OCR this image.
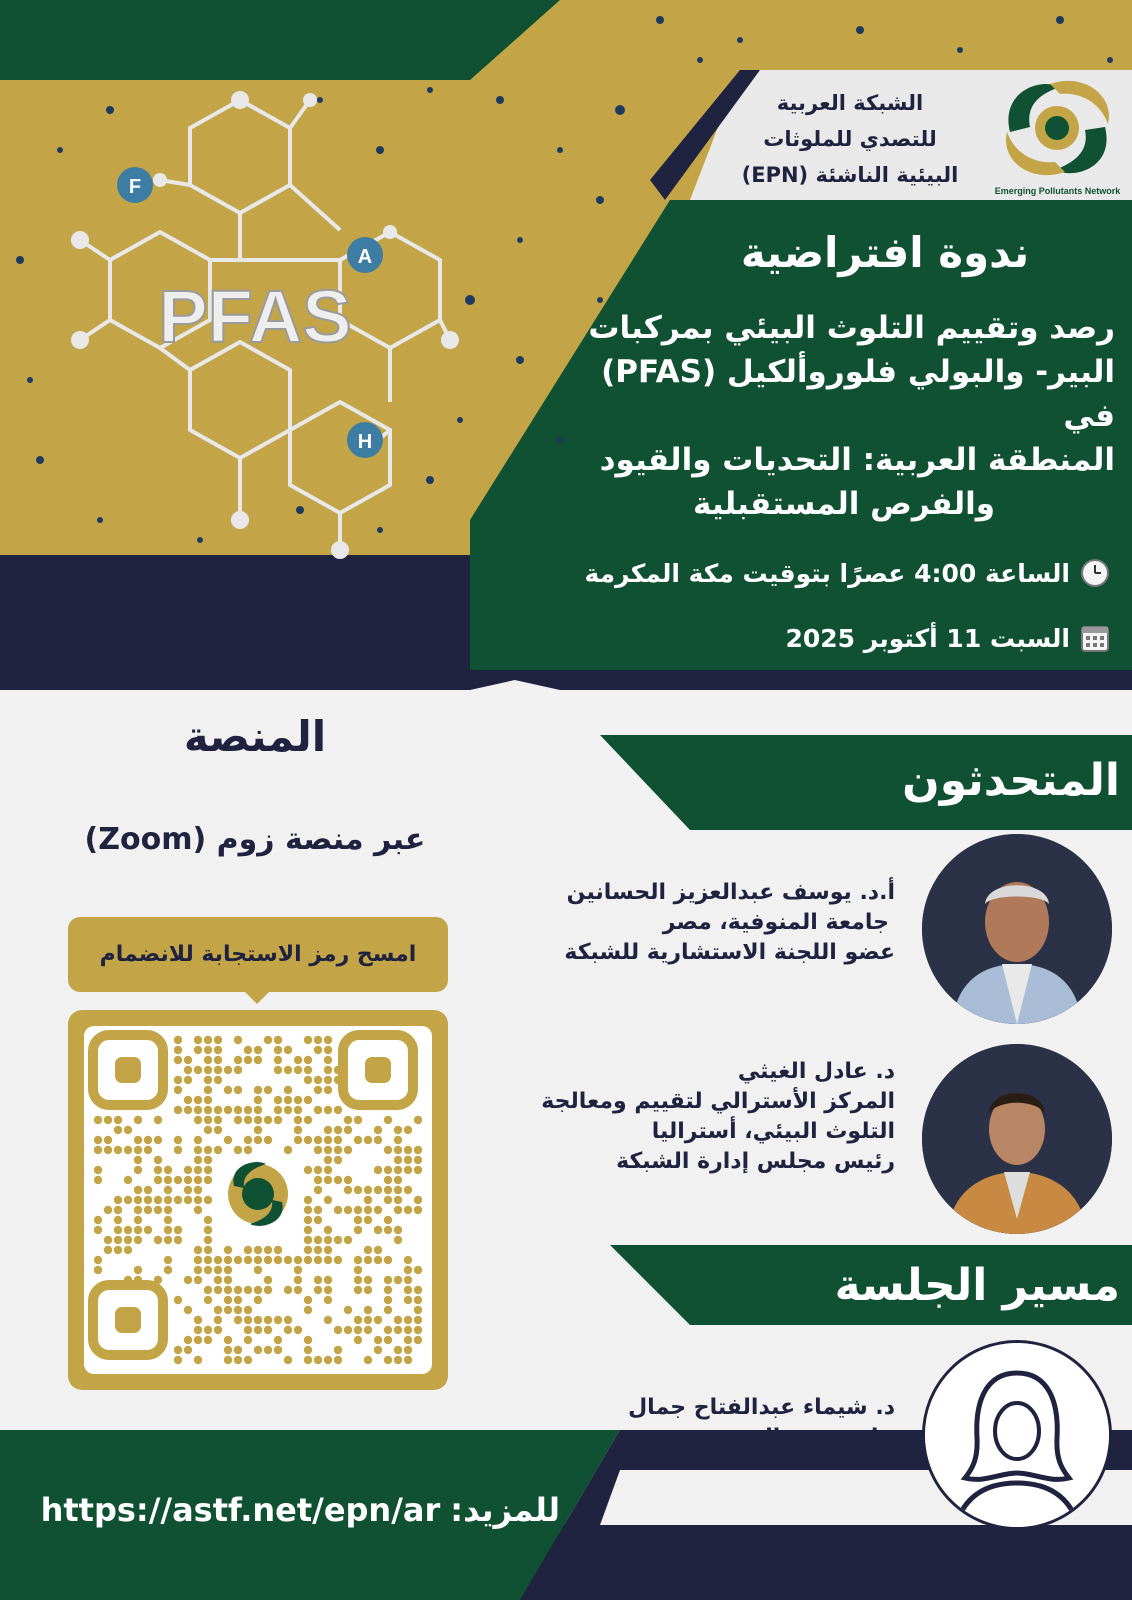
F
A
H
PFAS
الشبكة العربية
للتصدي للملوثات
البيئية الناشئة (EPN)
Emerging Pollutants Network
ندوة افتراضية
رصد وتقييم التلوث البيئي بمركبات
البير- والبولي فلوروألكيل (PFAS) في
المنطقة العربية: التحديات والقيود
والفرص المستقبلية
الساعة 4:00 عصرًا بتوقيت مكة المكرمة
السبت 11 أكتوبر 2025
المنصة
عبر منصة زوم (Zoom)
امسح رمز الاستجابة للانضمام
المتحدثون
أ.د. يوسف عبدالعزيز الحسانين
جامعة المنوفية، مصر
عضو اللجنة الاستشارية للشبكة
د. عادل الغيثي
المركز الأسترالي لتقييم ومعالجة
التلوث البيئي، أستراليا
رئيس مجلس إدارة الشبكة
مسير الجلسة
د. شيماء عبدالفتاح جمال
جامعة تعز-اليمن
للمزيد:
https://astf.net/epn/ar
